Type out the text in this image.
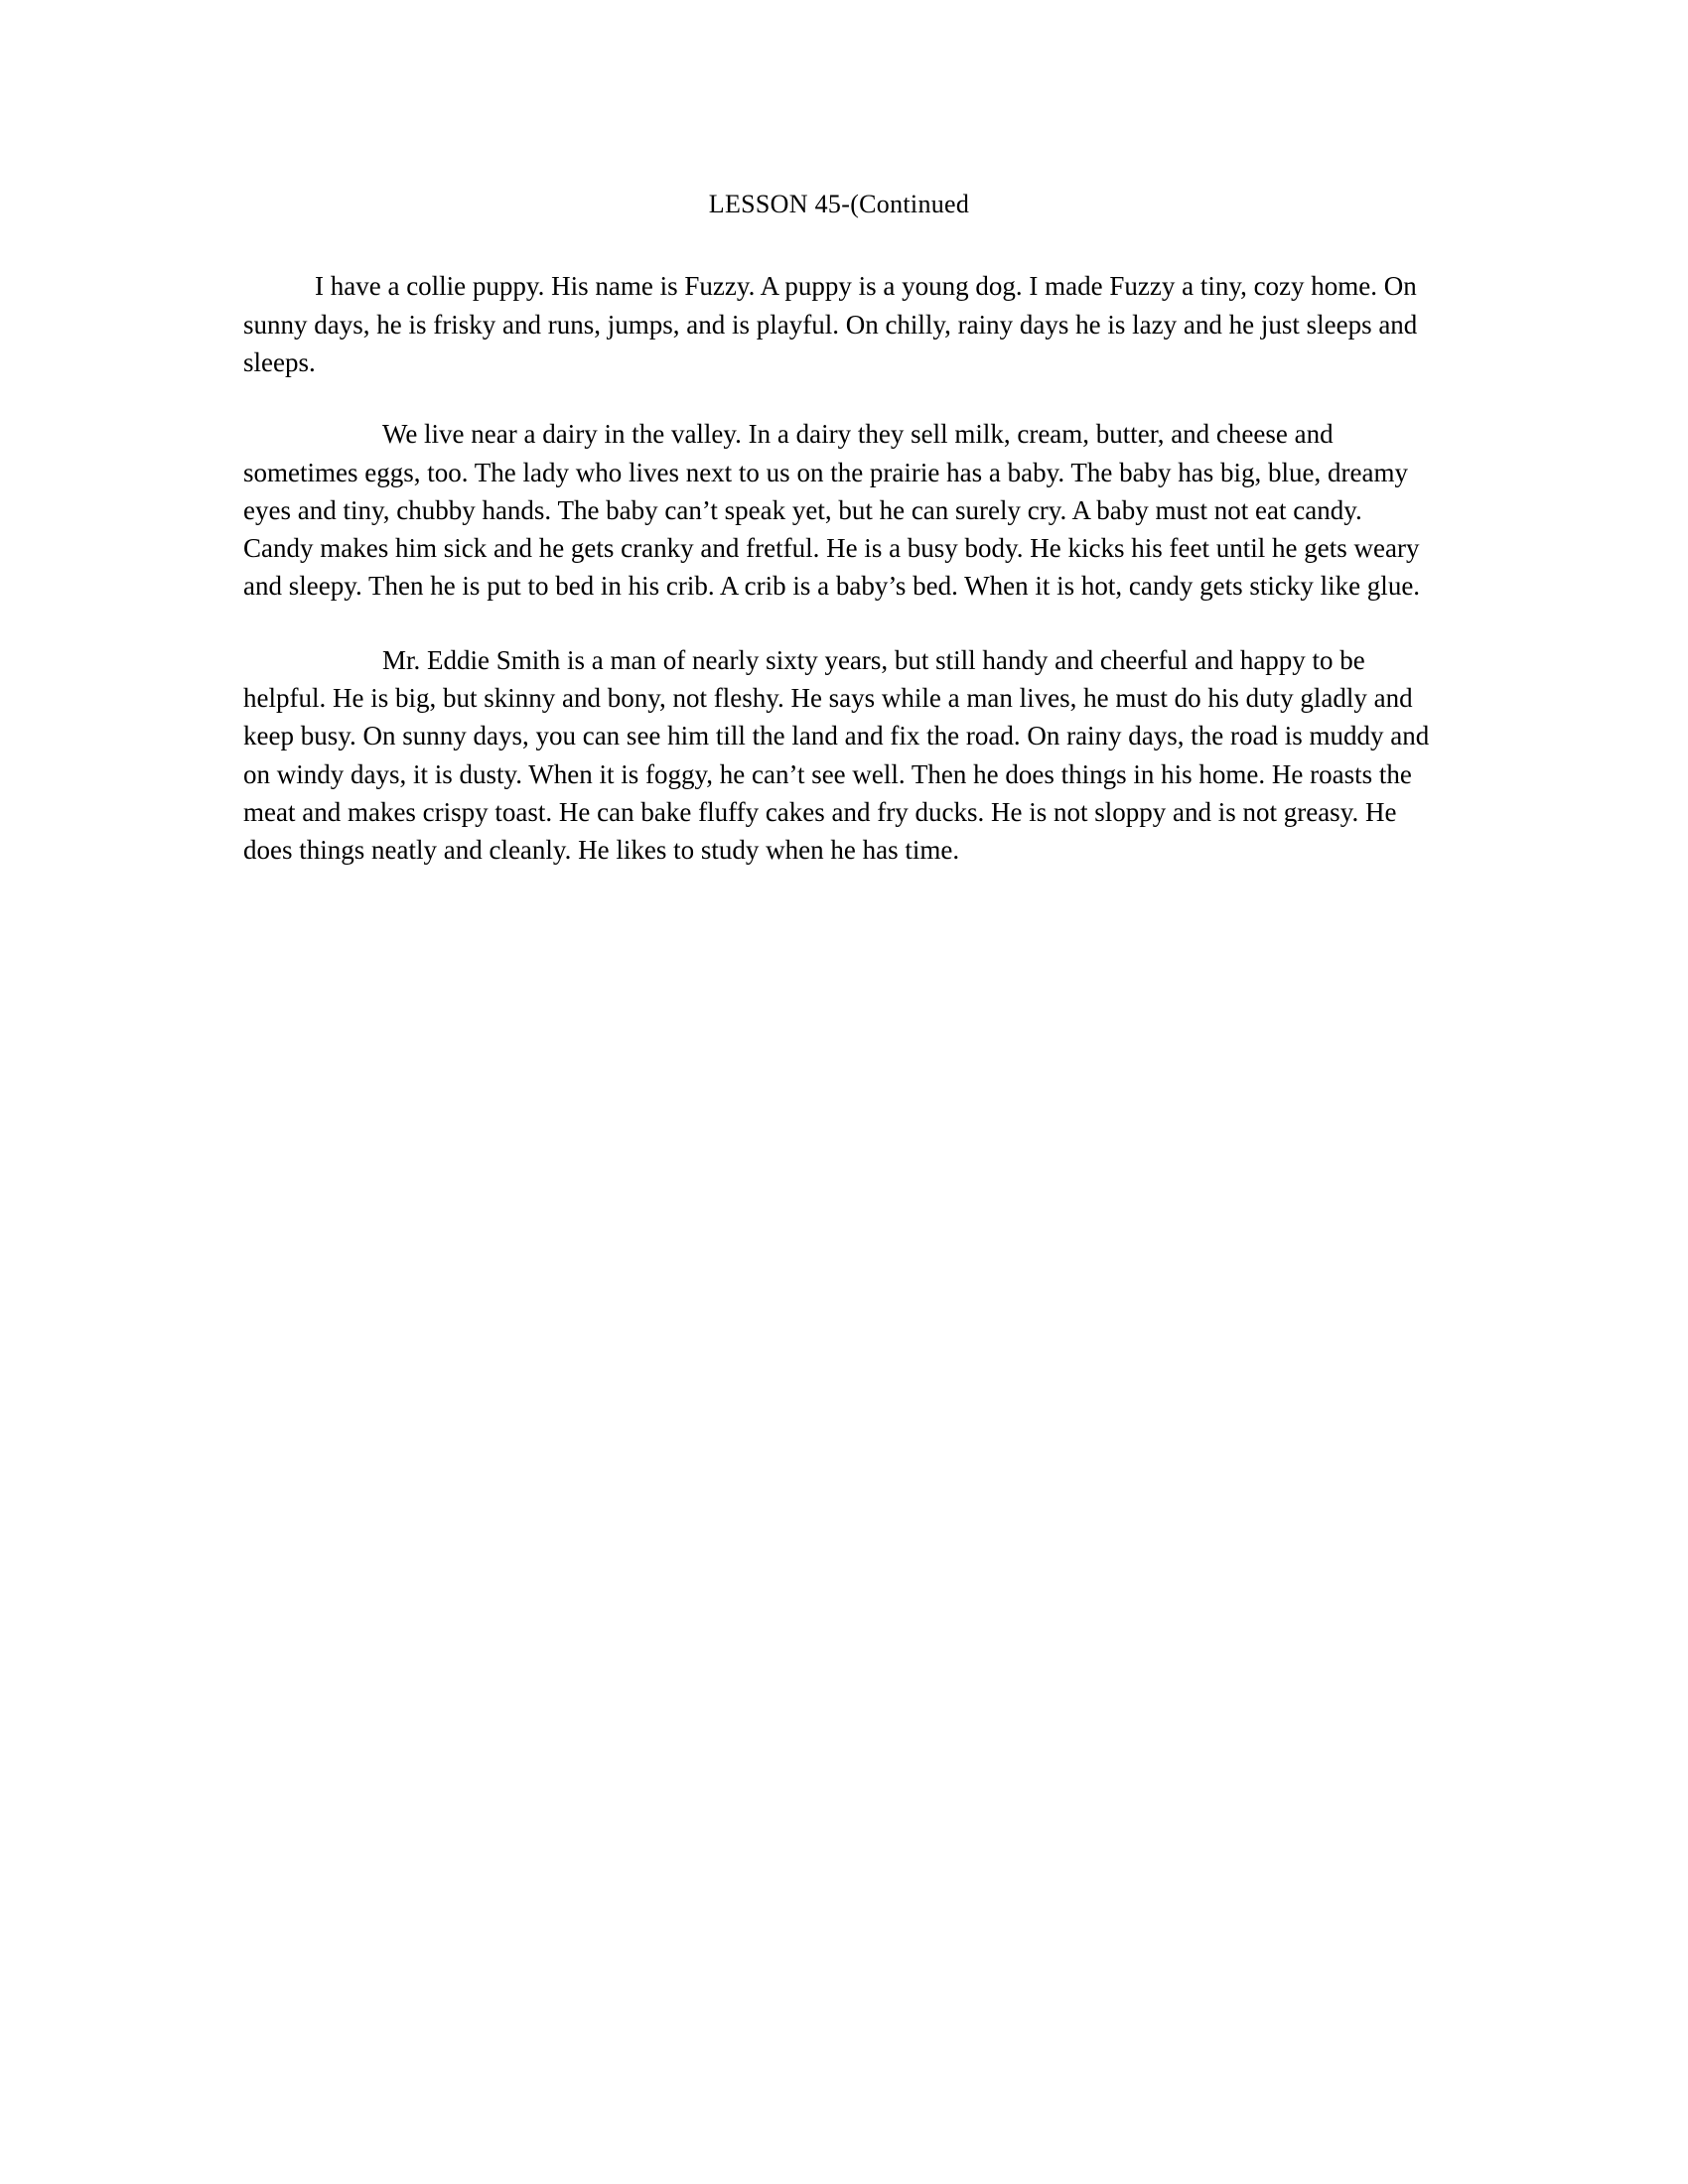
LESSON 45-(Continued

I have a collie puppy. His name is Fuzzy. A puppy is a young dog. I made Fuzzy a tiny, cozy home. On sunny days, he is frisky and runs, jumps, and is playful. On chilly, rainy days he is lazy and he just sleeps and sleeps.

We live near a dairy in the valley. In a dairy they sell milk, cream, butter, and cheese and sometimes eggs, too. The lady who lives next to us on the prairie has a baby. The baby has big, blue, dreamy eyes and tiny, chubby hands. The baby can’t speak yet, but he can surely cry. A baby must not eat candy. Candy makes him sick and he gets cranky and fretful. He is a busy body. He kicks his feet until he gets weary and sleepy. Then he is put to bed in his crib. A crib is a baby’s bed. When it is hot, candy gets sticky like glue.

Mr. Eddie Smith is a man of nearly sixty years, but still handy and cheerful and happy to be helpful. He is big, but skinny and bony, not fleshy. He says while a man lives, he must do his duty gladly and keep busy. On sunny days, you can see him till the land and fix the road. On rainy days, the road is muddy and on windy days, it is dusty. When it is foggy, he can’t see well. Then he does things in his home. He roasts the meat and makes crispy toast. He can bake fluffy cakes and fry ducks. He is not sloppy and is not greasy. He does things neatly and cleanly. He likes to study when he has time.
